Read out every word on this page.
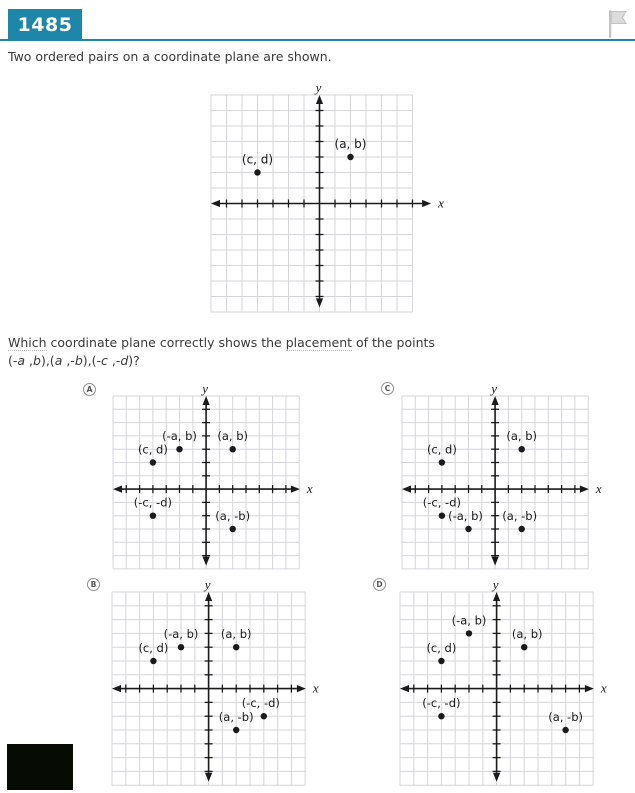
1485
Two ordered pairs on a coordinate plane are shown.
Which coordinate plane correctly shows the placement of the points
(-a ,b),(a ,-b),(-c ,-d)?
A	C
B	D
x
y
(a, b)
(c, d)
x
y
(-a, b) (a, b)
(c, d)
(-c, -d)
(a, -b)
x
y
(-a, b) (a, b)
(c, d)
(-c, -d)
(a, -b)
x
y
(a, b)
(c, d)
(-c, -d)
(-a, b) (a, -b)
x
y
(-a, b)
(a, b)
(c, d)
(-c, -d)
(a, -b)
